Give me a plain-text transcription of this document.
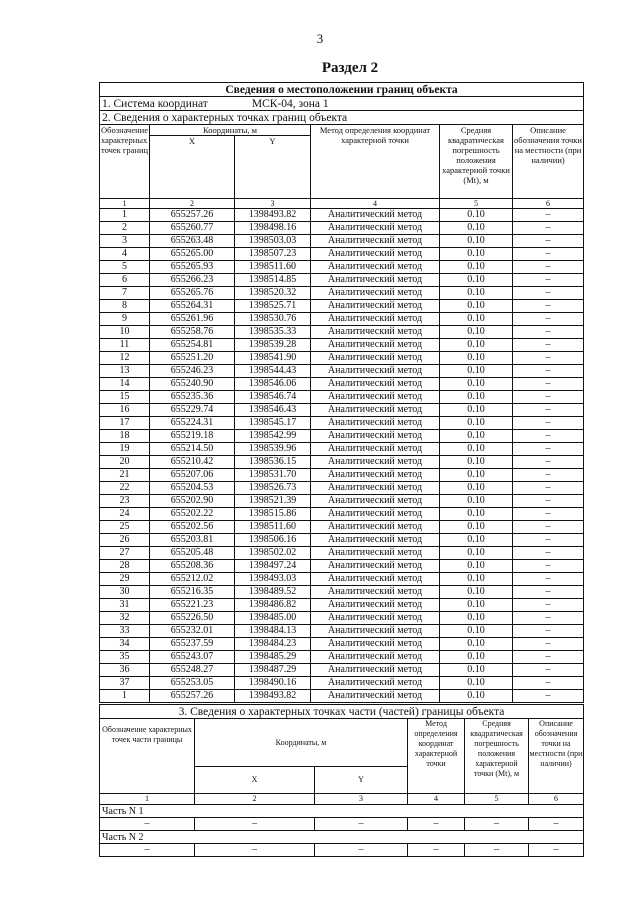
3
Раздел 2
Сведения о местоположении границ объекта					
1. Система координат МСК-04, зона 1					
2. Сведения о характерных точках границ объекта					
Обозначение характерных точек границ	Координаты, м		Метод определения координат характерной точки	Средняя квадратическая погрешность положения характерной точки (Mt), м	Описание обозначения точки на местности (при наличии)
	X	Y			
1	2	3	4	5	6
1	655257.26	1398493.82	Аналитический метод	0.10	–
2	655260.77	1398498.16	Аналитический метод	0.10	–
3	655263.48	1398503.03	Аналитический метод	0.10	–
4	655265.00	1398507.23	Аналитический метод	0.10	–
5	655265.93	1398511.60	Аналитический метод	0.10	–
6	655266.23	1398514.85	Аналитический метод	0.10	–
7	655265.76	1398520.32	Аналитический метод	0.10	–
8	655264.31	1398525.71	Аналитический метод	0.10	–
9	655261.96	1398530.76	Аналитический метод	0.10	–
10	655258.76	1398535.33	Аналитический метод	0.10	–
11	655254.81	1398539.28	Аналитический метод	0.10	–
12	655251.20	1398541.90	Аналитический метод	0.10	–
13	655246.23	1398544.43	Аналитический метод	0.10	–
14	655240.90	1398546.06	Аналитический метод	0.10	–
15	655235.36	1398546.74	Аналитический метод	0.10	–
16	655229.74	1398546.43	Аналитический метод	0.10	–
17	655224.31	1398545.17	Аналитический метод	0.10	–
18	655219.18	1398542.99	Аналитический метод	0.10	–
19	655214.50	1398539.96	Аналитический метод	0.10	–
20	655210.42	1398536.15	Аналитический метод	0.10	–
21	655207.06	1398531.70	Аналитический метод	0.10	–
22	655204.53	1398526.73	Аналитический метод	0.10	–
23	655202.90	1398521.39	Аналитический метод	0.10	–
24	655202.22	1398515.86	Аналитический метод	0.10	–
25	655202.56	1398511.60	Аналитический метод	0.10	–
26	655203.81	1398506.16	Аналитический метод	0.10	–
27	655205.48	1398502.02	Аналитический метод	0.10	–
28	655208.36	1398497.24	Аналитический метод	0.10	–
29	655212.02	1398493.03	Аналитический метод	0.10	–
30	655216.35	1398489.52	Аналитический метод	0.10	–
31	655221.23	1398486.82	Аналитический метод	0.10	–
32	655226.50	1398485.00	Аналитический метод	0.10	–
33	655232.01	1398484.13	Аналитический метод	0.10	–
34	655237.59	1398484.23	Аналитический метод	0.10	–
35	655243.07	1398485.29	Аналитический метод	0.10	–
36	655248.27	1398487.29	Аналитический метод	0.10	–
37	655253.05	1398490.16	Аналитический метод	0.10	–
1	655257.26	1398493.82	Аналитический метод	0.10	–
3. Сведения о характерных точках части (частей) границы объекта					
Обозначение характерных точек части границы	Координаты, м		Метод определения координат характерной точки	Средняя квадратическая погрешность положения характерной точки (Mt), м	Описание обозначения точки на местности (при наличии)
	X	Y			
1	2	3	4	5	6
Часть N 1					
–	–	–	–	–	–
Часть N 2					
–	–	–	–	–	–
